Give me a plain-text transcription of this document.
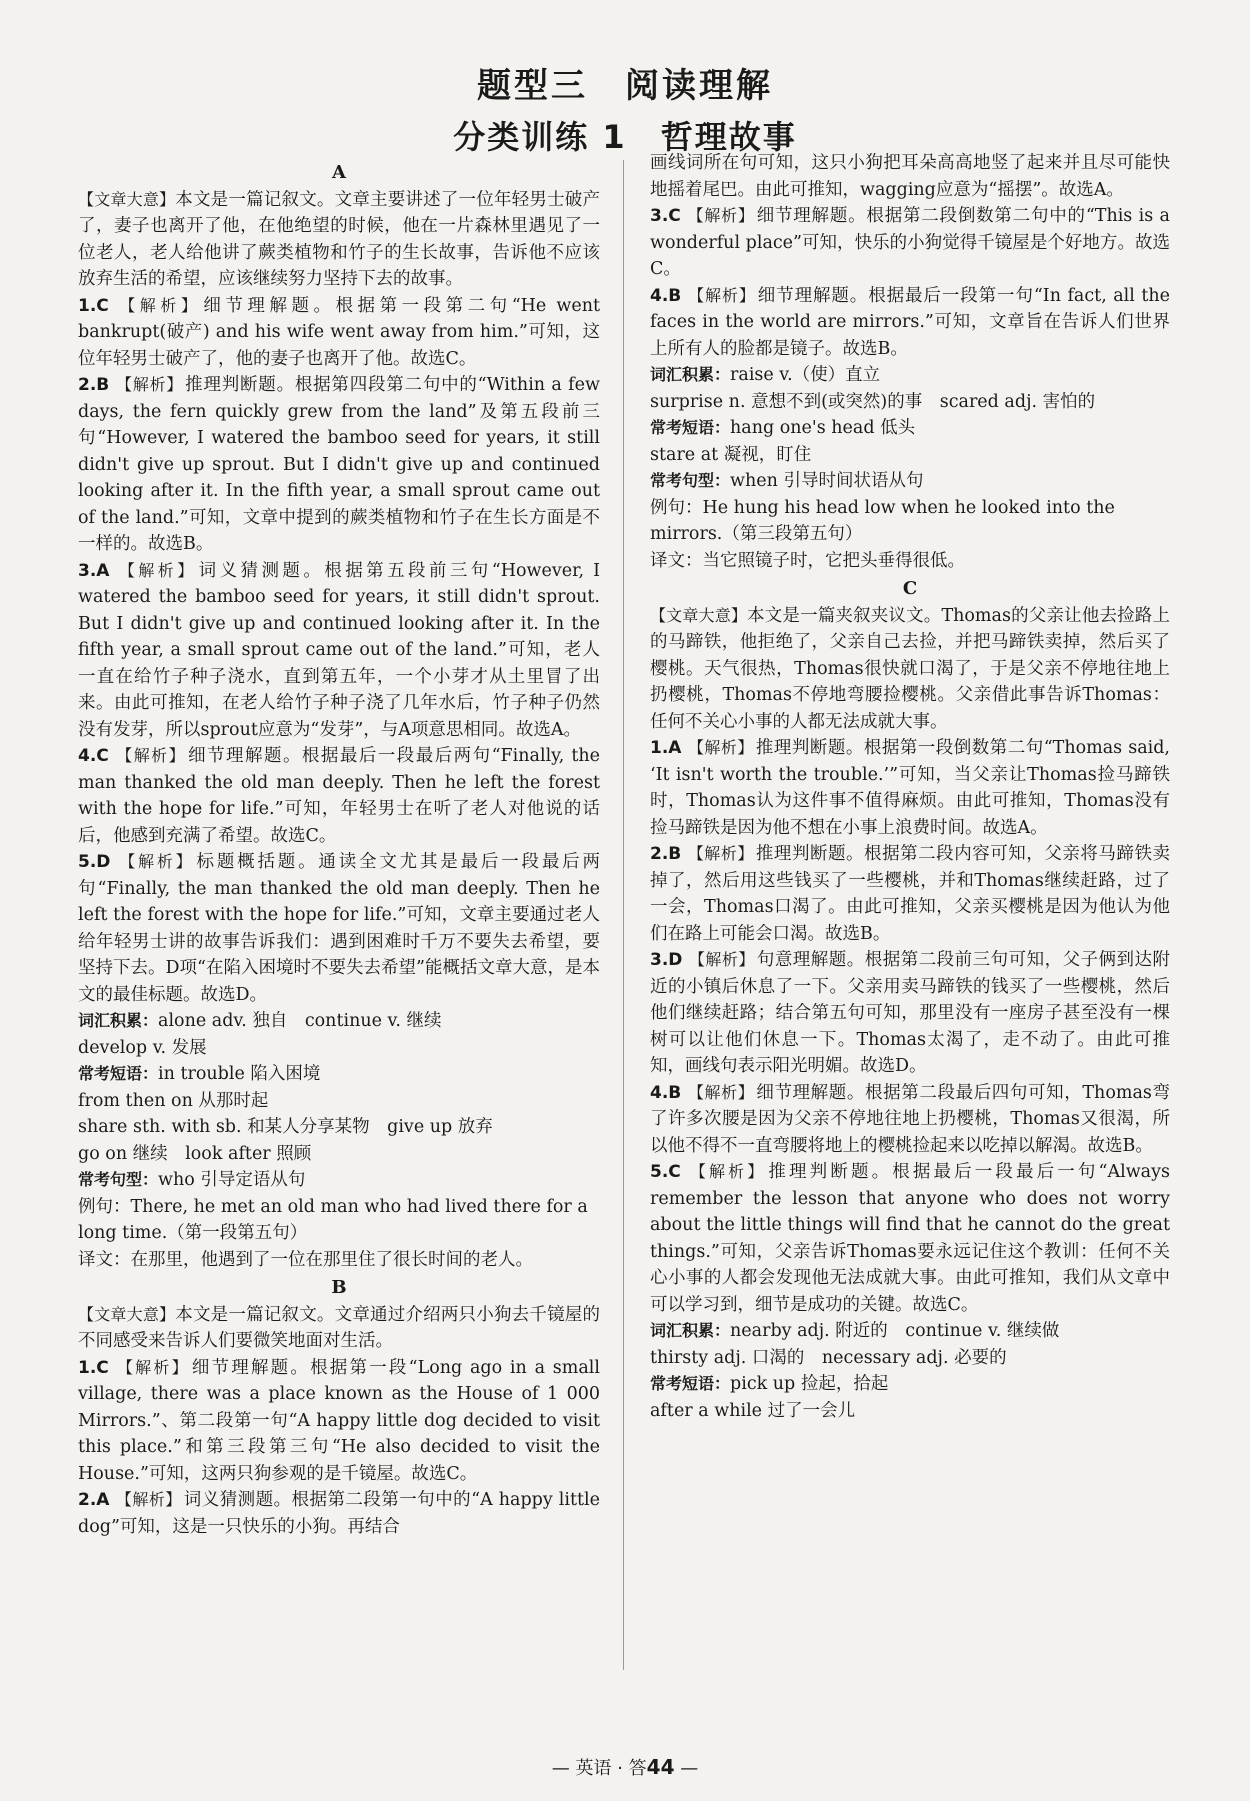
题型三　阅读理解
分类训练 1　哲理故事
A

【文章大意】本文是一篇记叙文。文章主要讲述了一位年轻男士破产了，妻子也离开了他，在他绝望的时候，他在一片森林里遇见了一位老人，老人给他讲了蕨类植物和竹子的生长故事，告诉他不应该放弃生活的希望，应该继续努力坚持下去的故事。

1.C 【解析】 细节理解题。根据第一段第二句“He went bankrupt(破产) and his wife went away from him.”可知，这位年轻男士破产了，他的妻子也离开了他。故选C。

2.B 【解析】 推理判断题。根据第四段第二句中的“Within a few days, the fern quickly grew from the land”及第五段前三句“However, I watered the bamboo seed for years, it still didn't give up sprout. But I didn't give up and continued looking after it. In the fifth year, a small sprout came out of the land.”可知，文章中提到的蕨类植物和竹子在生长方面是不一样的。故选B。

3.A 【解析】 词义猜测题。根据第五段前三句“However, I watered the bamboo seed for years, it still didn't sprout. But I didn't give up and continued looking after it. In the fifth year, a small sprout came out of the land.”可知，老人一直在给竹子种子浇水，直到第五年，一个小芽才从土里冒了出来。由此可推知，在老人给竹子种子浇了几年水后，竹子种子仍然没有发芽，所以sprout应意为“发芽”，与A项意思相同。故选A。

4.C 【解析】 细节理解题。根据最后一段最后两句“Finally, the man thanked the old man deeply. Then he left the forest with the hope for life.”可知，年轻男士在听了老人对他说的话后，他感到充满了希望。故选C。

5.D 【解析】 标题概括题。通读全文尤其是最后一段最后两句“Finally, the man thanked the old man deeply. Then he left the forest with the hope for life.”可知，文章主要通过老人给年轻男士讲的故事告诉我们：遇到困难时千万不要失去希望，要坚持下去。D项“在陷入困境时不要失去希望”能概括文章大意，是本文的最佳标题。故选D。

词汇积累：alone adv. 独自　continue v. 继续

develop v. 发展

常考短语：in trouble 陷入困境

from then on 从那时起

share sth. with sb. 和某人分享某物　give up 放弃

go on 继续　look after 照顾

常考句型：who 引导定语从句

例句：There, he met an old man who had lived there for a long time.（第一段第五句）

译文：在那里，他遇到了一位在那里住了很长时间的老人。

B

【文章大意】本文是一篇记叙文。文章通过介绍两只小狗去千镜屋的不同感受来告诉人们要微笑地面对生活。

1.C 【解析】 细节理解题。根据第一段“Long ago in a small village, there was a place known as the House of 1 000 Mirrors.”、第二段第一句“A happy little dog decided to visit this place.”和第三段第三句“He also decided to visit the House.”可知，这两只狗参观的是千镜屋。故选C。

2.A 【解析】 词义猜测题。根据第二段第一句中的“A happy little dog”可知，这是一只快乐的小狗。再结合

画线词所在句可知，这只小狗把耳朵高高地竖了起来并且尽可能快地摇着尾巴。由此可推知，wagging应意为“摇摆”。故选A。

3.C 【解析】 细节理解题。根据第二段倒数第二句中的“This is a wonderful place”可知，快乐的小狗觉得千镜屋是个好地方。故选C。

4.B 【解析】 细节理解题。根据最后一段第一句“In fact, all the faces in the world are mirrors.”可知，文章旨在告诉人们世界上所有人的脸都是镜子。故选B。

词汇积累：raise v.（使）直立

surprise n. 意想不到(或突然)的事　scared adj. 害怕的

常考短语：hang one's head 低头

stare at 凝视，盯住

常考句型：when 引导时间状语从句

例句：He hung his head low when he looked into the mirrors.（第三段第五句）

译文：当它照镜子时，它把头垂得很低。

C

【文章大意】本文是一篇夹叙夹议文。Thomas的父亲让他去捡路上的马蹄铁，他拒绝了，父亲自己去捡，并把马蹄铁卖掉，然后买了樱桃。天气很热，Thomas很快就口渴了，于是父亲不停地往地上扔樱桃，Thomas不停地弯腰捡樱桃。父亲借此事告诉Thomas：任何不关心小事的人都无法成就大事。

1.A 【解析】 推理判断题。根据第一段倒数第二句“Thomas said, ‘It isn't worth the trouble.’”可知，当父亲让Thomas捡马蹄铁时，Thomas认为这件事不值得麻烦。由此可推知，Thomas没有捡马蹄铁是因为他不想在小事上浪费时间。故选A。

2.B 【解析】 推理判断题。根据第二段内容可知，父亲将马蹄铁卖掉了，然后用这些钱买了一些樱桃，并和Thomas继续赶路，过了一会，Thomas口渴了。由此可推知，父亲买樱桃是因为他认为他们在路上可能会口渴。故选B。

3.D 【解析】 句意理解题。根据第二段前三句可知，父子俩到达附近的小镇后休息了一下。父亲用卖马蹄铁的钱买了一些樱桃，然后他们继续赶路；结合第五句可知，那里没有一座房子甚至没有一棵树可以让他们休息一下。Thomas太渴了，走不动了。由此可推知，画线句表示阳光明媚。故选D。

4.B 【解析】 细节理解题。根据第二段最后四句可知，Thomas弯了许多次腰是因为父亲不停地往地上扔樱桃，Thomas又很渴，所以他不得不一直弯腰将地上的樱桃捡起来以吃掉以解渴。故选B。

5.C 【解析】 推理判断题。根据最后一段最后一句“Always remember the lesson that anyone who does not worry about the little things will find that he cannot do the great things.”可知，父亲告诉Thomas要永远记住这个教训：任何不关心小事的人都会发现他无法成就大事。由此可推知，我们从文章中可以学习到，细节是成功的关键。故选C。

词汇积累：nearby adj. 附近的　continue v. 继续做

thirsty adj. 口渴的　necessary adj. 必要的

常考短语：pick up 捡起，拾起

after a while 过了一会儿

— 英语 · 答44 —
